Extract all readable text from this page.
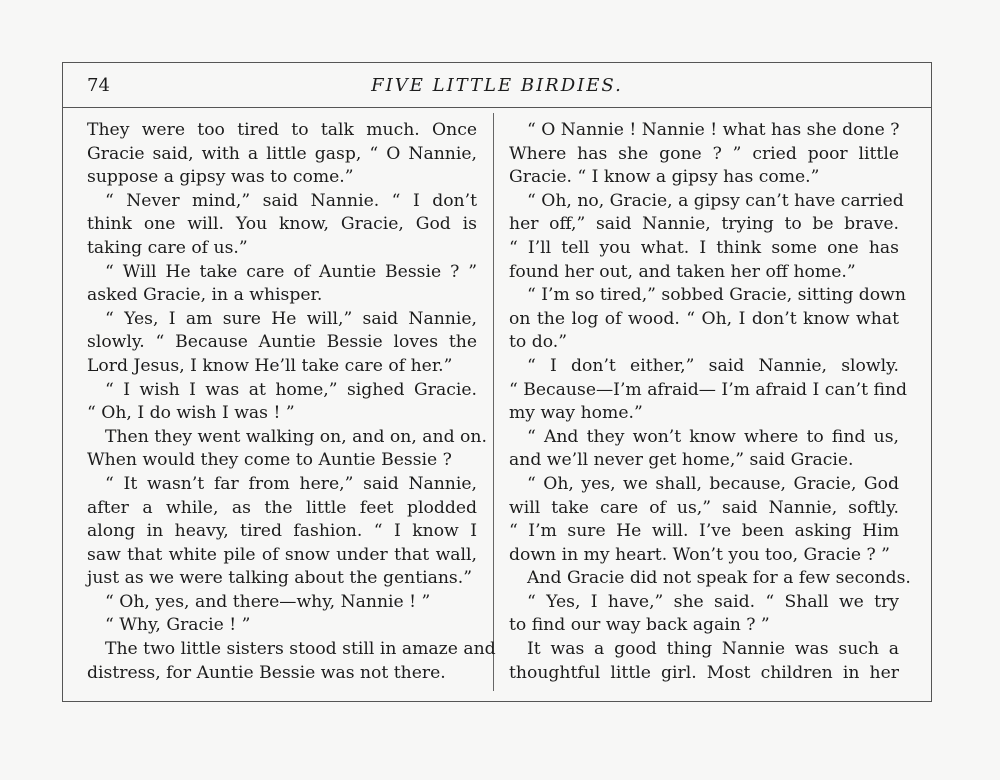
74	FIVE LITTLE BIRDIES.
They were too tired to talk much. Once
Gracie said, with a little gasp, “ O Nannie,
suppose a gipsy was to come.”
“ Never mind,” said Nannie. “ I don’t
think one will. You know, Gracie, God is
taking care of us.”
“ Will He take care of Auntie Bessie ? ”
asked Gracie, in a whisper.
“ Yes, I am sure He will,” said Nannie,
slowly. “ Because Auntie Bessie loves the
Lord Jesus, I know He’ll take care of her.”
“ I wish I was at home,” sighed Gracie.
“ Oh, I do wish I was ! ”
Then they went walking on, and on, and on.
When would they come to Auntie Bessie ?
“ It wasn’t far from here,” said Nannie,
after a while, as the little feet plodded
along in heavy, tired fashion. “ I know I
saw that white pile of snow under that wall,
just as we were talking about the gentians.”
“ Oh, yes, and there—why, Nannie ! ”
“ Why, Gracie ! ”
The two little sisters stood still in amaze and
distress, for Auntie Bessie was not there.
“ O Nannie ! Nannie ! what has she done ?
Where has she gone ? ” cried poor little
Gracie. “ I know a gipsy has come.”
“ Oh, no, Gracie, a gipsy can’t have carried
her off,” said Nannie, trying to be brave.
“ I’ll tell you what. I think some one has
found her out, and taken her off home.”
“ I’m so tired,” sobbed Gracie, sitting down
on the log of wood. “ Oh, I don’t know what
to do.”
“ I don’t either,” said Nannie, slowly.
“ Because—I’m afraid— I’m afraid I can’t find
my way home.”
“ And they won’t know where to find us,
and we’ll never get home,” said Gracie.
“ Oh, yes, we shall, because, Gracie, God
will take care of us,” said Nannie, softly.
“ I’m sure He will. I’ve been asking Him
down in my heart. Won’t you too, Gracie ? ”
And Gracie did not speak for a few seconds.
“ Yes, I have,” she said. “ Shall we try
to find our way back again ? ”
It was a good thing Nannie was such a
thoughtful little girl. Most children in her
